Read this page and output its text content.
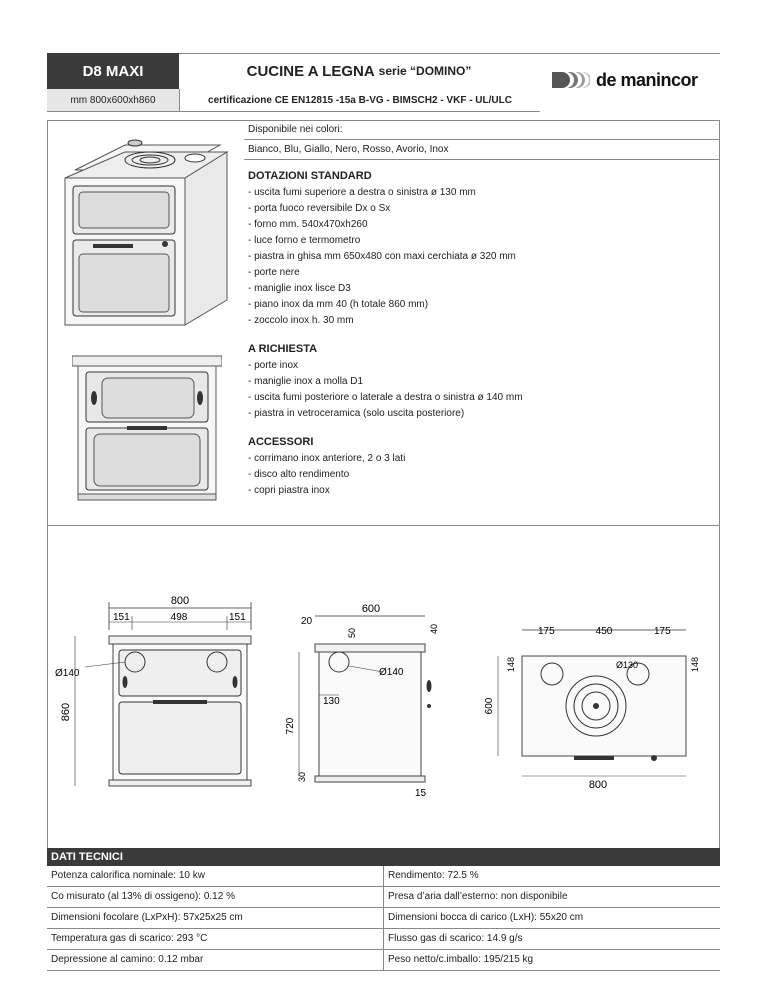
D8 MAXI
mm 800x600xh860
CUCINE A LEGNA serie “DOMINO”
certificazione CE EN12815 -15a B-VG - BIMSCH2 - VKF - UL/ULC
de manincor
Disponibile nei colori:
Bianco, Blu, Giallo, Nero, Rosso, Avorio, Inox
DOTAZIONI STANDARD
- uscita fumi superiore a destra o sinistra ø 130 mm
- porta fuoco reversibile Dx o Sx
- forno mm. 540x470xh260
- luce forno e termometro
- piastra in ghisa mm 650x480 con maxi cerchiata ø 320 mm
- porte nere
- maniglie inox lisce D3
- piano inox da mm 40 (h totale 860 mm)
- zoccolo inox h. 30 mm
A RICHIESTA
- porte inox
- maniglie inox a molla D1
- uscita fumi posteriore o laterale a destra o sinistra ø 140 mm
- piastra in vetroceramica (solo uscita posteriore)
ACCESSORI
- corrimano inox anteriore, 2 o 3 lati
- disco alto rendimento
- copri piastra inox
800
151	498	151
860
Ø140
600
20
50	40
Ø140
130
720
30
15
175	450	175
148	148
Ø130
600
800
DATI TECNICI
Potenza calorifica nominale: 10 kw	Rendimento: 72.5 %
Co misurato (al 13% di ossigeno): 0.12 %	Presa d’aria dall’esterno: non disponibile
Dimensioni focolare (LxPxH): 57x25x25 cm	Dimensioni bocca di carico (LxH): 55x20 cm
Temperatura gas di scarico: 293 °C	Flusso gas di scarico: 14.9 g/s
Depressione al camino: 0.12 mbar	Peso netto/c.imballo: 195/215 kg
